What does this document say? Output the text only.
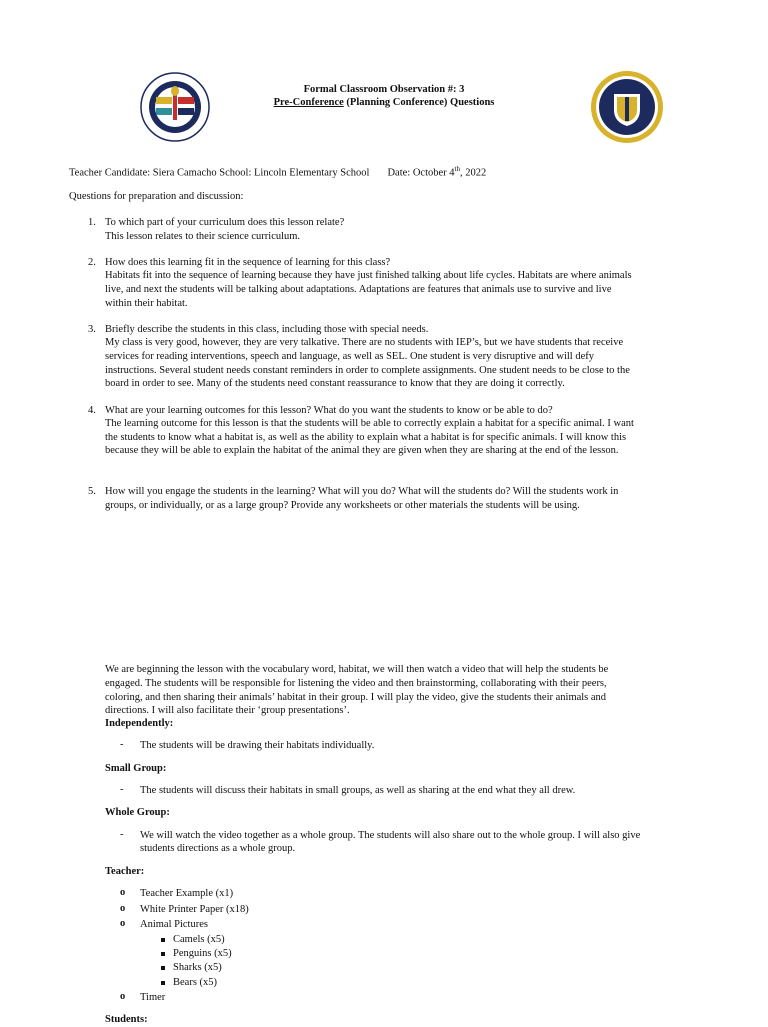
Formal Classroom Observation #: 3
Pre-Conference (Planning Conference) Questions
Teacher Candidate: Siera Camacho School: Lincoln Elementary School Date: October 4th, 2022
Questions for preparation and discussion:
1. To which part of your curriculum does this lesson relate?
This lesson relates to their science curriculum.
2. How does this learning fit in the sequence of learning for this class?
Habitats fit into the sequence of learning because they have just finished talking about life cycles. Habitats are where animals
live, and next the students will be talking about adaptations. Adaptations are features that animals use to survive and live
within their habitat.
3. Briefly describe the students in this class, including those with special needs.
My class is very good, however, they are very talkative. There are no students with IEP’s, but we have students that receive
services for reading interventions, speech and language, as well as SEL. One student is very disruptive and will defy
instructions. Several student needs constant reminders in order to complete assignments. One student needs to be close to the
board in order to see. Many of the students need constant reassurance to know that they are doing it correctly.
4. What are your learning outcomes for this lesson? What do you want the students to know or be able to do?
The learning outcome for this lesson is that the students will be able to correctly explain a habitat for a specific animal. I want
the students to know what a habitat is, as well as the ability to explain what a habitat is for specific animals. I will know this
because they will be able to explain the habitat of the animal they are given when they are sharing at the end of the lesson.
5. How will you engage the students in the learning? What will you do? What will the students do? Will the students work in
groups, or individually, or as a large group? Provide any worksheets or other materials the students will be using.
We are beginning the lesson with the vocabulary word, habitat, we will then watch a video that will help the students be
engaged. The students will be responsible for listening the video and then brainstorming, collaborating with their peers,
coloring, and then sharing their animals’ habitat in their group. I will play the video, give the students their animals and
directions. I will also facilitate their ‘group presentations’.
Independently:
- The students will be drawing their habitats individually.
Small Group:
- The students will discuss their habitats in small groups, as well as sharing at the end what they all drew.
Whole Group:
- We will watch the video together as a whole group. The students will also share out to the whole group. I will also give
students directions as a whole group.
Teacher:
o Teacher Example (x1)
o White Printer Paper (x18)
o Animal Pictures
Camels (x5)
Penguins (x5)
Sharks (x5)
Bears (x5)
o Timer
Students:
